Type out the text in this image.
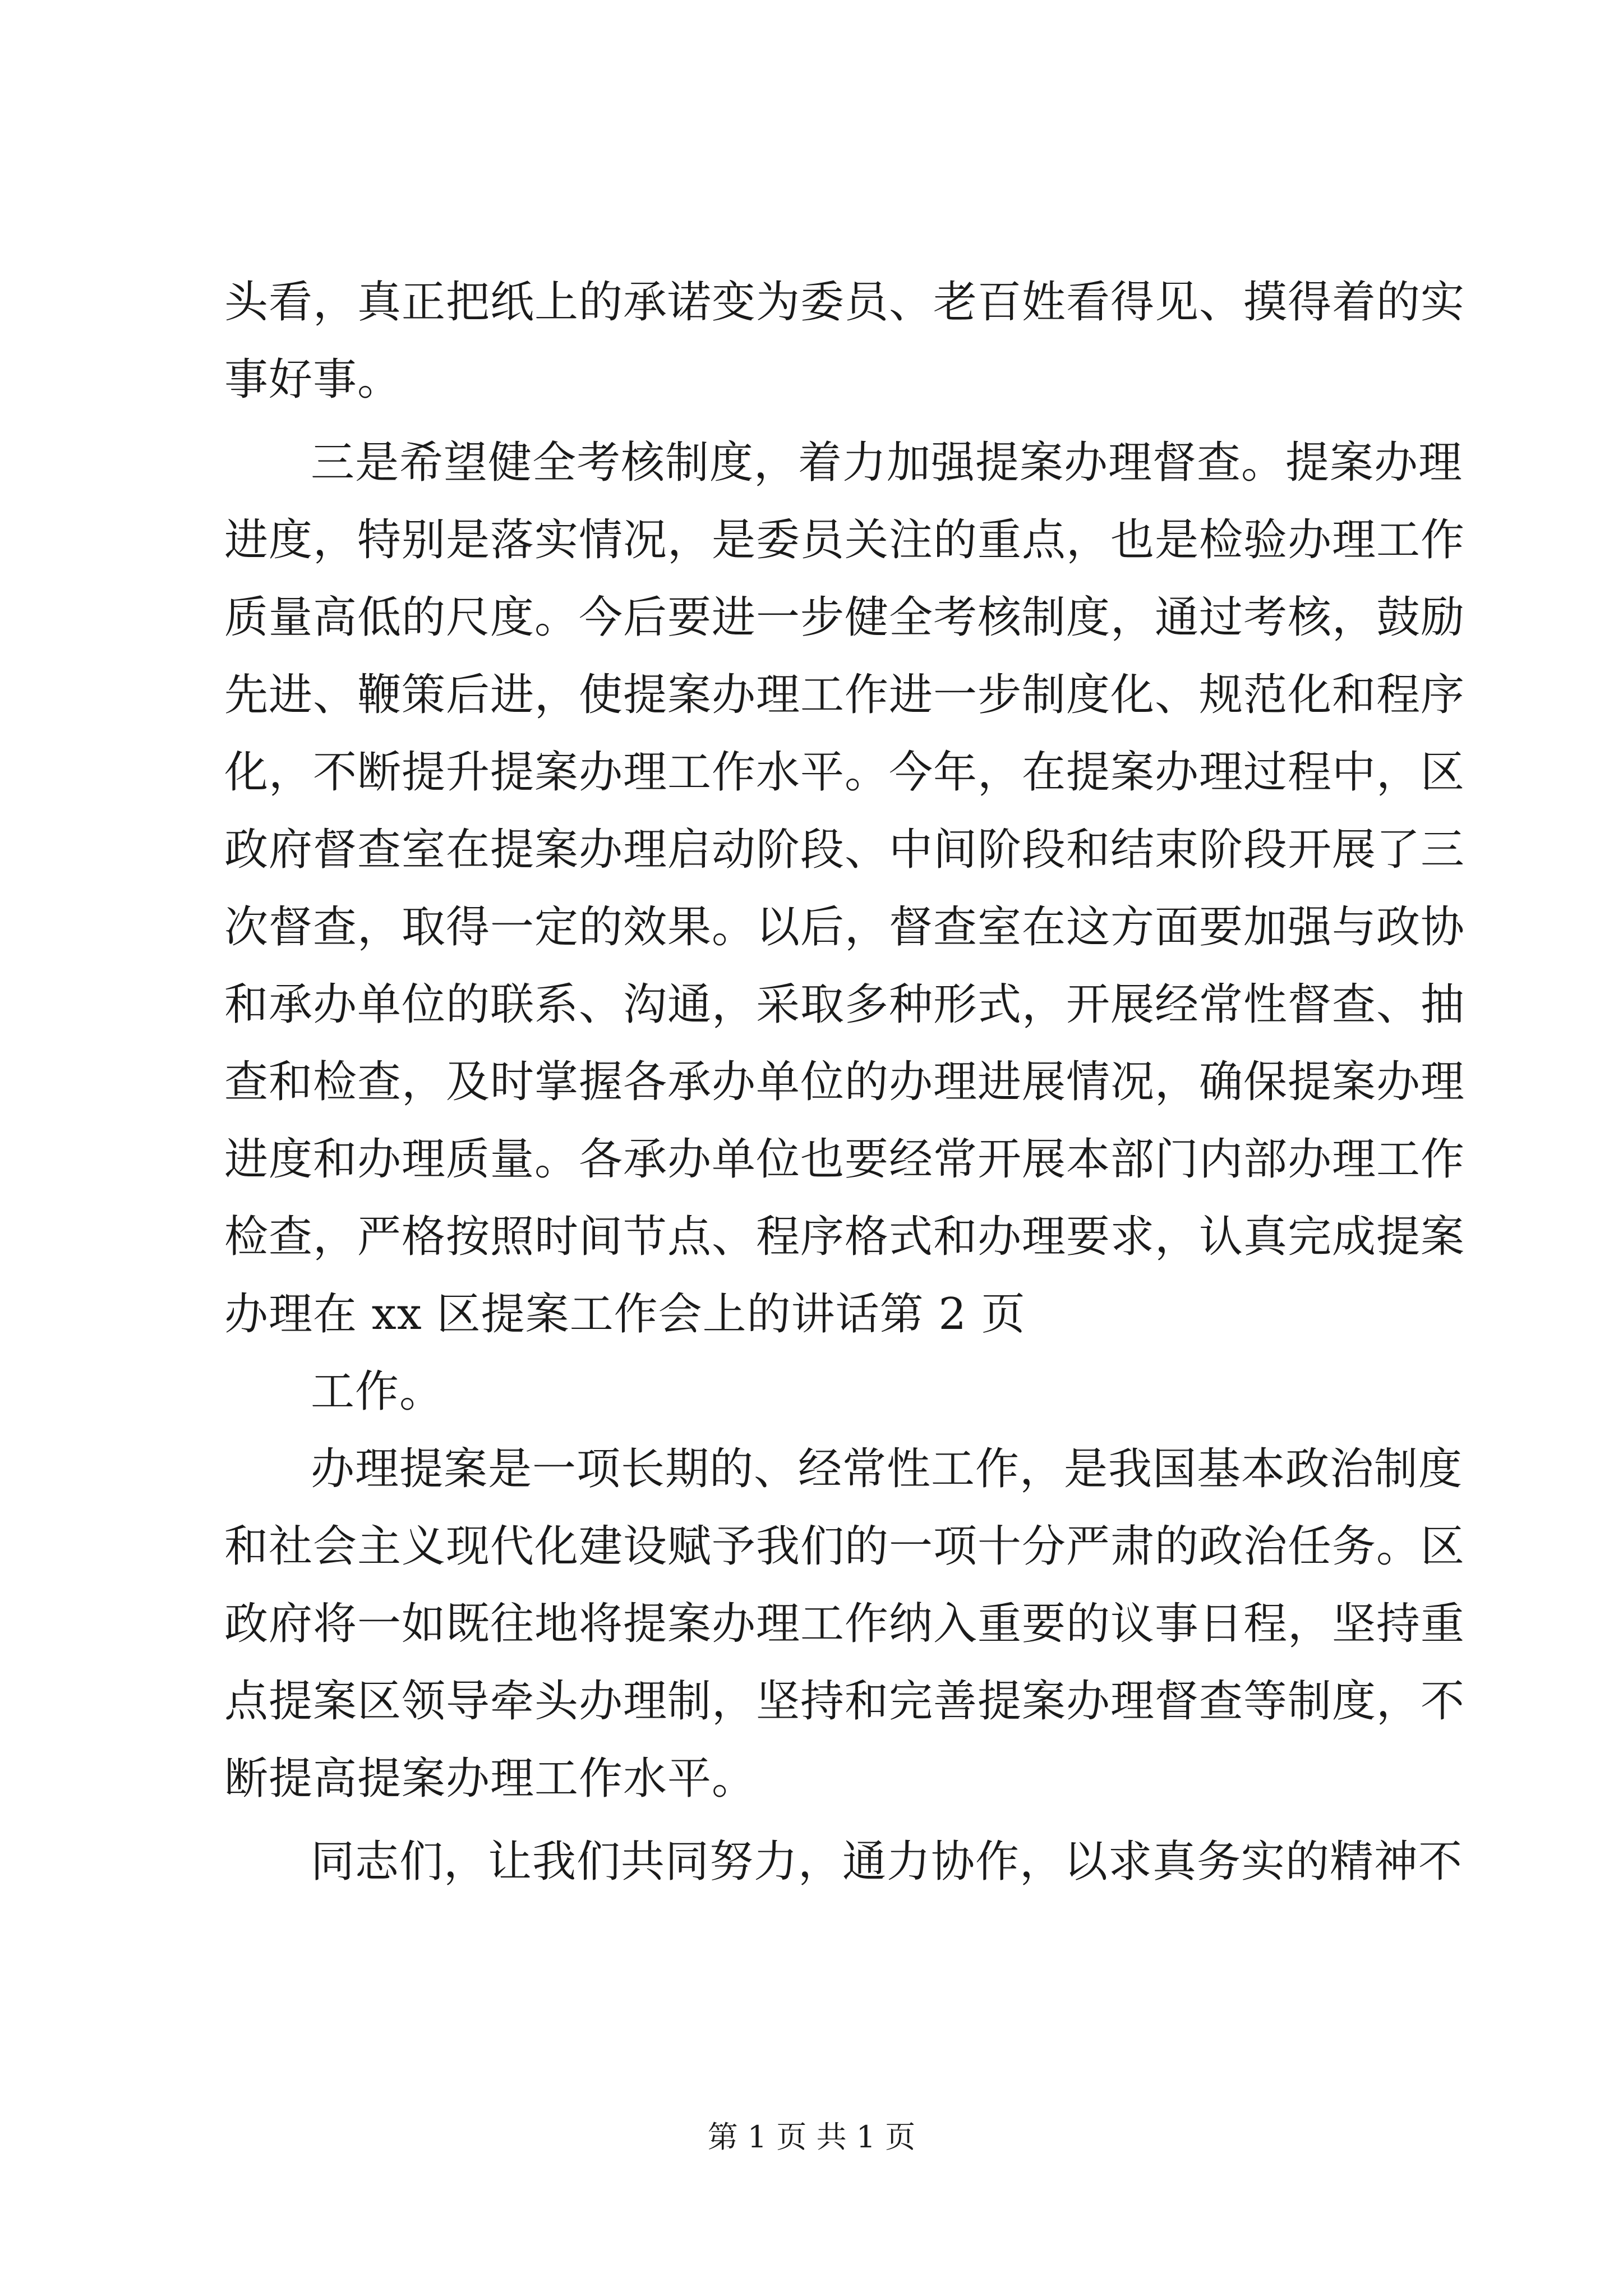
头看，真正把纸上的承诺变为委员、老百姓看得见、摸得着的实
事好事。
三是希望健全考核制度，着力加强提案办理督查。提案办理
进度，特别是落实情况，是委员关注的重点，也是检验办理工作
质量高低的尺度。今后要进一步健全考核制度，通过考核，鼓励
先进、鞭策后进，使提案办理工作进一步制度化、规范化和程序
化，不断提升提案办理工作水平。今年，在提案办理过程中，区
政府督查室在提案办理启动阶段、中间阶段和结束阶段开展了三
次督查，取得一定的效果。以后，督查室在这方面要加强与政协
和承办单位的联系、沟通，采取多种形式，开展经常性督查、抽
查和检查，及时掌握各承办单位的办理进展情况，确保提案办理
进度和办理质量。各承办单位也要经常开展本部门内部办理工作
检查，严格按照时间节点、程序格式和办理要求，认真完成提案
办理在 xx 区提案工作会上的讲话第 2 页
工作。
办理提案是一项长期的、经常性工作，是我国基本政治制度
和社会主义现代化建设赋予我们的一项十分严肃的政治任务。区
政府将一如既往地将提案办理工作纳入重要的议事日程，坚持重
点提案区领导牵头办理制，坚持和完善提案办理督查等制度，不
断提高提案办理工作水平。
同志们，让我们共同努力，通力协作，以求真务实的精神不
第 1 页 共 1 页
